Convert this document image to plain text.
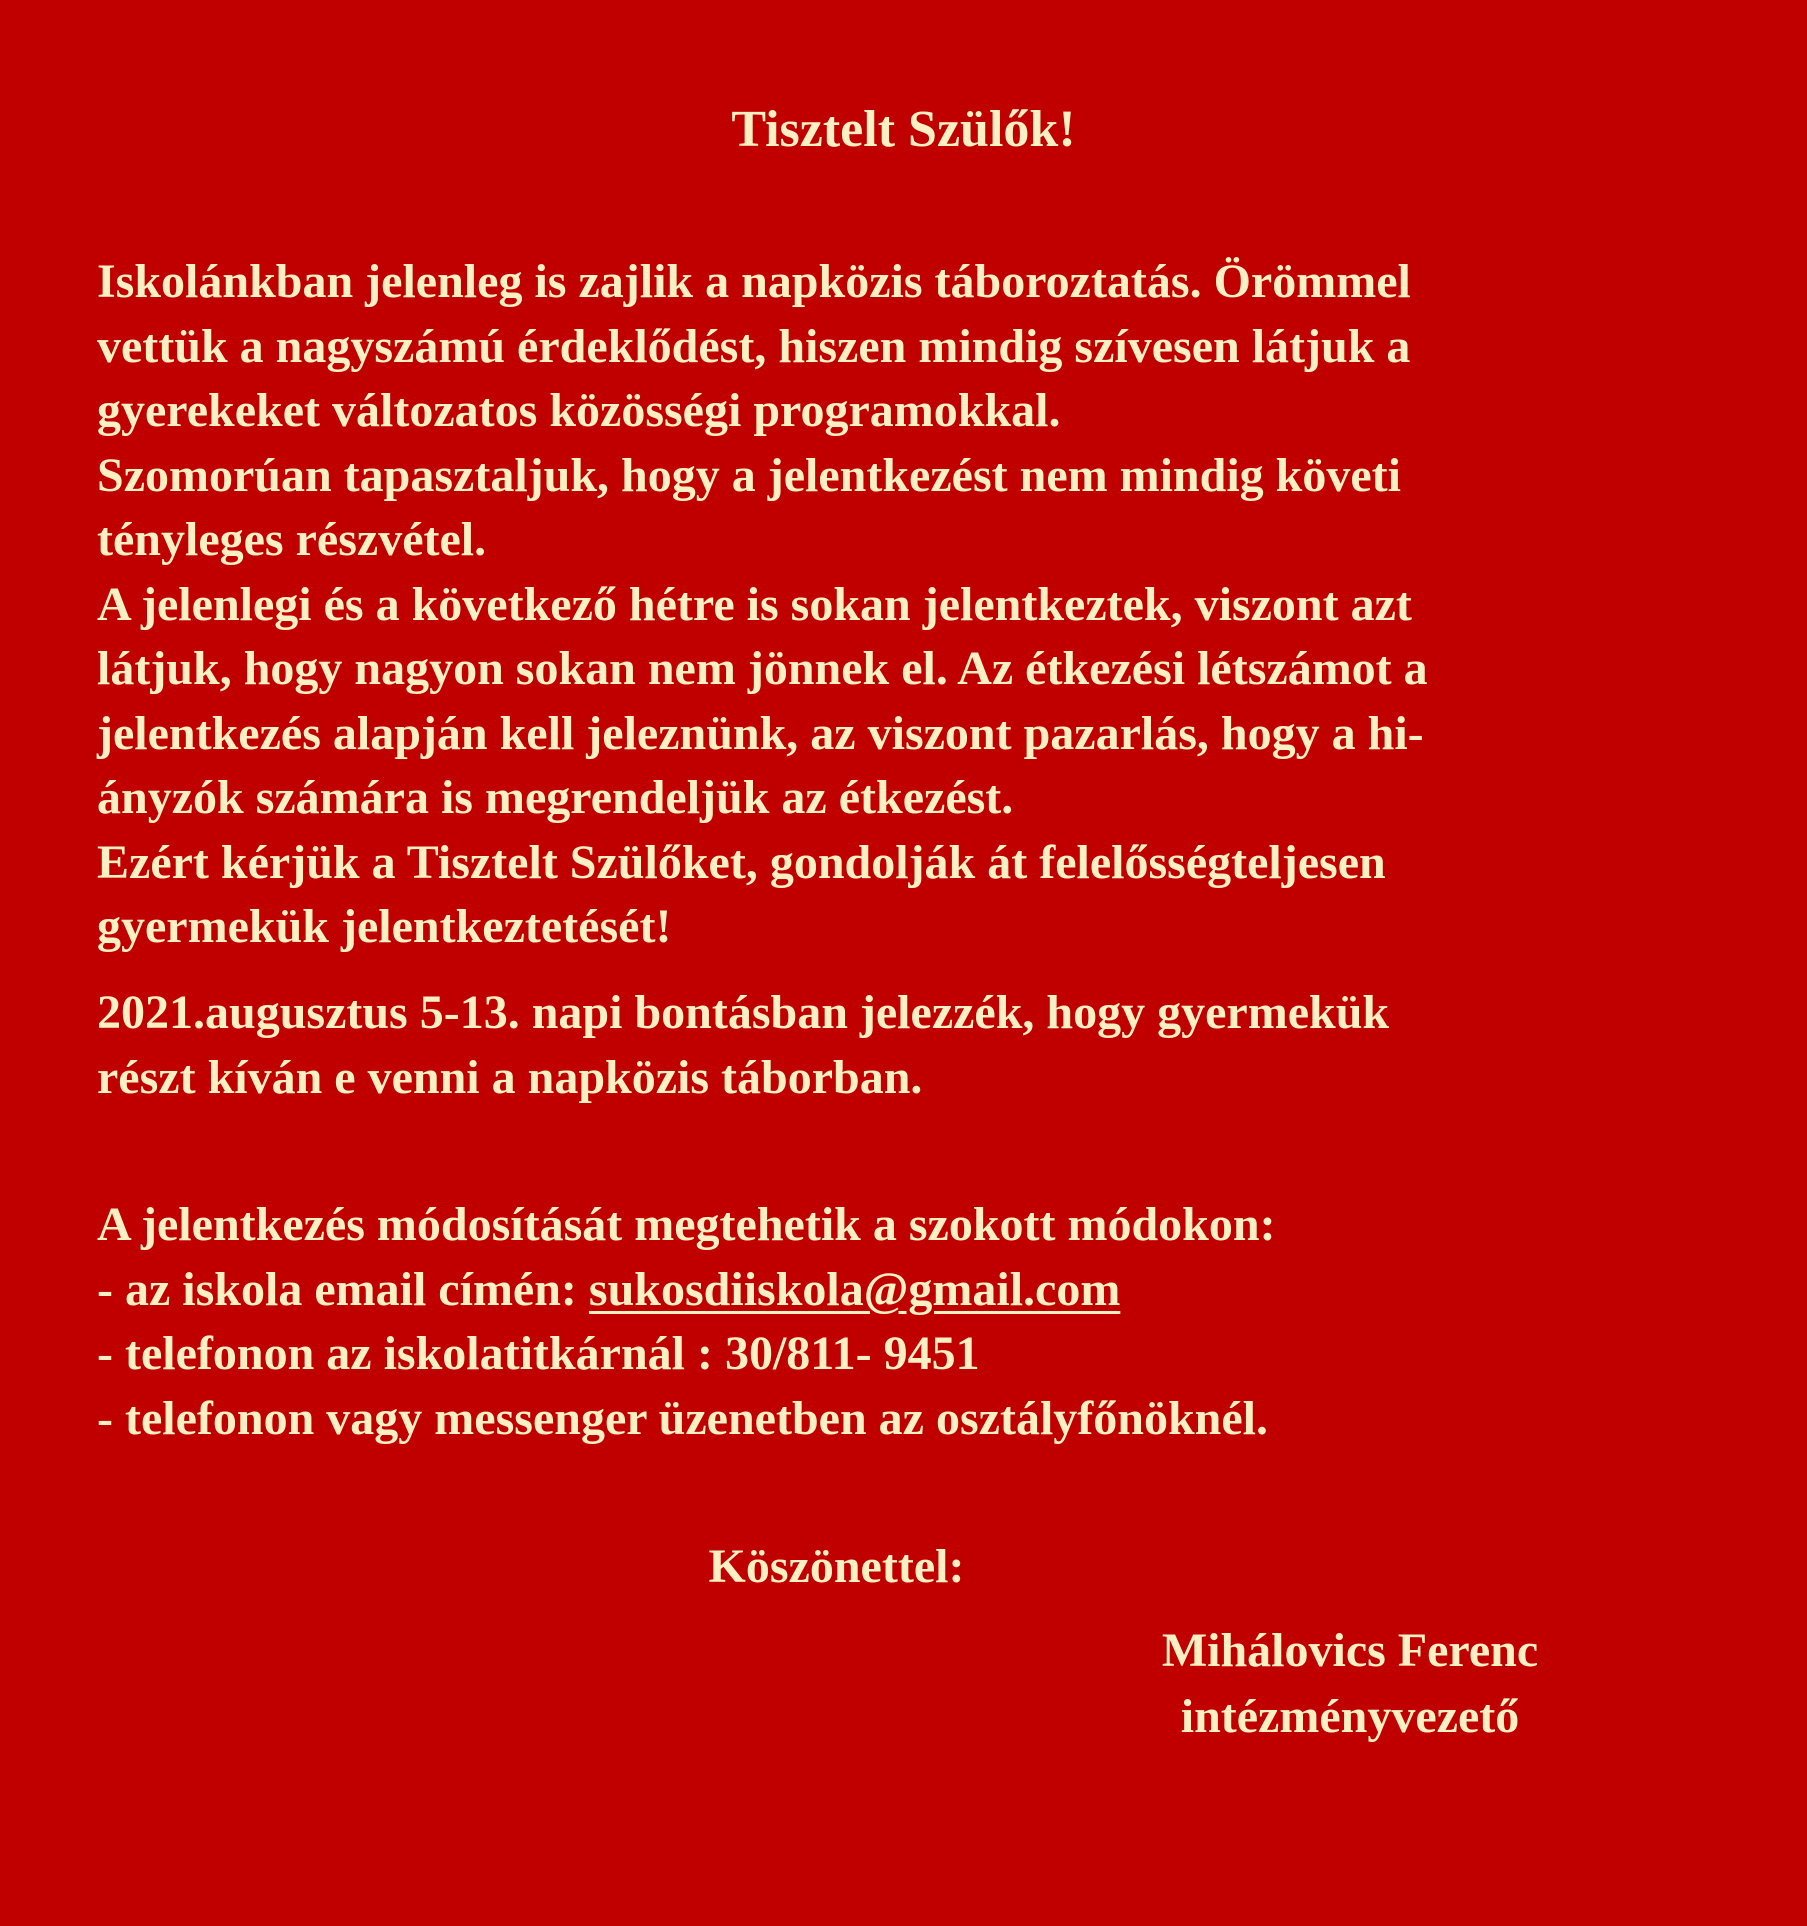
Tisztelt Szülők!
Iskolánkban jelenleg is zajlik a napközis táboroztatás. Örömmel
vettük a nagyszámú érdeklődést, hiszen mindig szívesen látjuk a
gyerekeket változatos közösségi programokkal.
Szomorúan tapasztaljuk, hogy a jelentkezést nem mindig követi
tényleges részvétel.
A jelenlegi és a következő hétre is sokan jelentkeztek, viszont azt
látjuk, hogy nagyon sokan nem jönnek el. Az étkezési létszámot a
jelentkezés alapján kell jeleznünk, az viszont pazarlás, hogy a hi-
ányzók számára is megrendeljük az étkezést.
Ezért kérjük a Tisztelt Szülőket, gondolják át felelősségteljesen
gyermekük jelentkeztetését!
2021.augusztus 5-13. napi bontásban jelezzék, hogy gyermekük
részt kíván e venni a napközis táborban.
A jelentkezés módosítását megtehetik a szokott módokon:
- az iskola email címén: sukosdiiskola@gmail.com
- telefonon az iskolatitkárnál : 30/811- 9451
- telefonon vagy messenger üzenetben az osztályfőnöknél.
Köszönettel:
Mihálovics Ferenc
intézményvezető
